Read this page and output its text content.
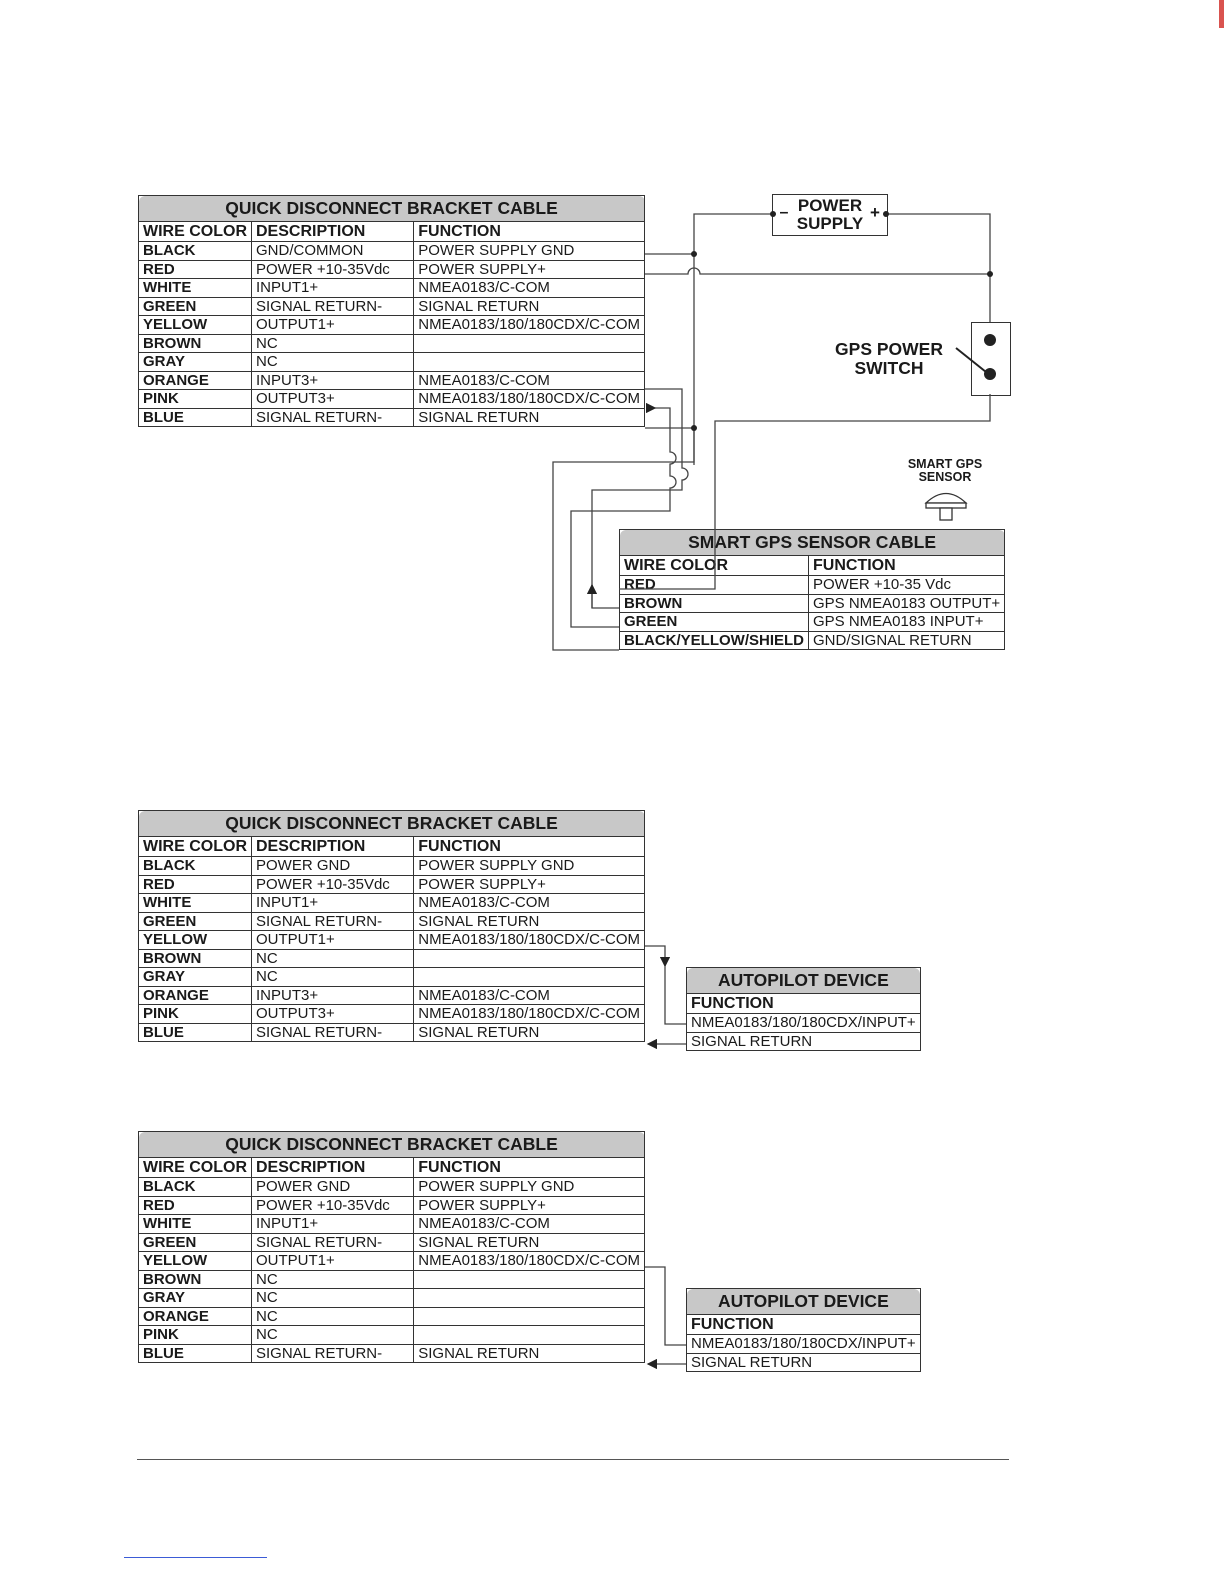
QUICK DISCONNECT BRACKET CABLE		
WIRE COLOR	DESCRIPTION	FUNCTION
BLACK	GND/COMMON	POWER SUPPLY GND
RED	POWER +10-35Vdc	POWER SUPPLY+
WHITE	INPUT1+	NMEA0183/C-COM
GREEN	SIGNAL RETURN-	SIGNAL RETURN
YELLOW	OUTPUT1+	NMEA0183/180/180CDX/C-COM
BROWN	NC	
GRAY	NC	
ORANGE	INPUT3+	NMEA0183/C-COM
PINK	OUTPUT3+	NMEA0183/180/180CDX/C-COM
BLUE	SIGNAL RETURN-	SIGNAL RETURN
SMART GPS SENSOR CABLE	
WIRE COLOR	FUNCTION
RED	POWER +10-35 Vdc
BROWN	GPS NMEA0183 OUTPUT+
GREEN	GPS NMEA0183 INPUT+
BLACK/YELLOW/SHIELD	GND/SIGNAL RETURN
POWER
SUPPLY
–	+
GPS POWER
SWITCH
SMART GPS
SENSOR
QUICK DISCONNECT BRACKET CABLE		
WIRE COLOR	DESCRIPTION	FUNCTION
BLACK	POWER GND	POWER SUPPLY GND
RED	POWER +10-35Vdc	POWER SUPPLY+
WHITE	INPUT1+	NMEA0183/C-COM
GREEN	SIGNAL RETURN-	SIGNAL RETURN
YELLOW	OUTPUT1+	NMEA0183/180/180CDX/C-COM
BROWN	NC	
GRAY	NC	
ORANGE	INPUT3+	NMEA0183/C-COM
PINK	OUTPUT3+	NMEA0183/180/180CDX/C-COM
BLUE	SIGNAL RETURN-	SIGNAL RETURN
AUTOPILOT DEVICE
FUNCTION
NMEA0183/180/180CDX/INPUT+
SIGNAL RETURN
QUICK DISCONNECT BRACKET CABLE		
WIRE COLOR	DESCRIPTION	FUNCTION
BLACK	POWER GND	POWER SUPPLY GND
RED	POWER +10-35Vdc	POWER SUPPLY+
WHITE	INPUT1+	NMEA0183/C-COM
GREEN	SIGNAL RETURN-	SIGNAL RETURN
YELLOW	OUTPUT1+	NMEA0183/180/180CDX/C-COM
BROWN	NC	
GRAY	NC	
ORANGE	NC	
PINK	NC	
BLUE	SIGNAL RETURN-	SIGNAL RETURN
AUTOPILOT DEVICE
FUNCTION
NMEA0183/180/180CDX/INPUT+
SIGNAL RETURN
